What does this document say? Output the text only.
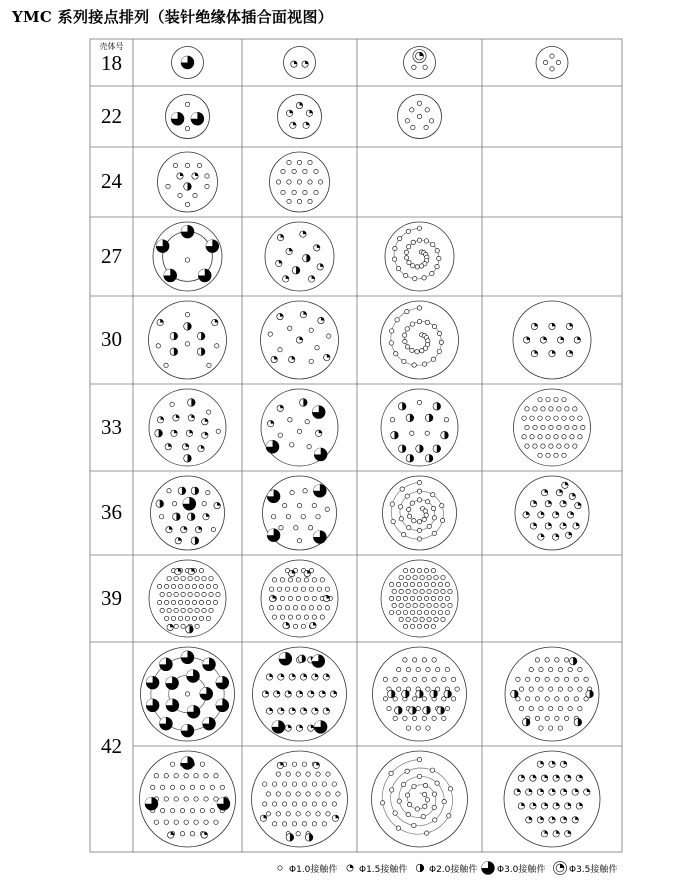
YMC 系列接点排列（装针绝缘体插合面视图）
Φ1.0接触件 Φ1.5接触件 Φ2.0接触件 Φ3.0接触件	Φ3.5接触件
18
22
24
27
30
33
36
39
42
壳体号
